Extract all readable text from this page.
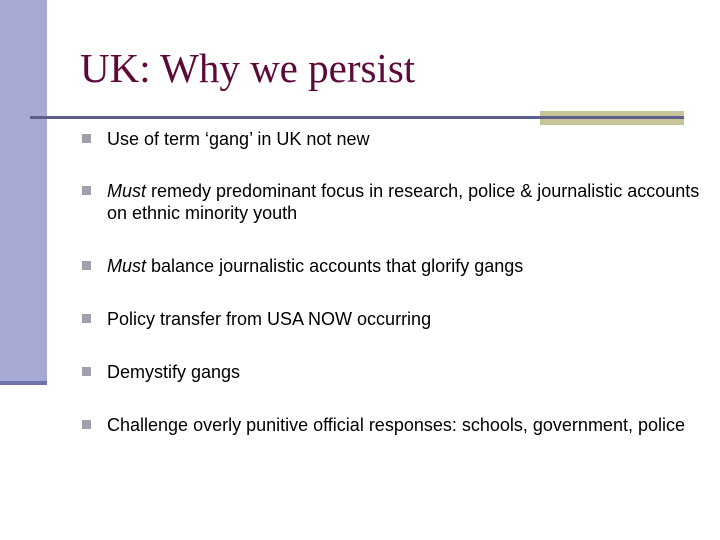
UK: Why we persist
Use of term ‘gang’ in UK not new
Must remedy predominant focus in research, police & journalistic accounts on ethnic minority youth
Must balance journalistic accounts that glorify gangs
Policy transfer from USA NOW occurring
Demystify gangs
Challenge overly punitive official responses: schools, government, police
